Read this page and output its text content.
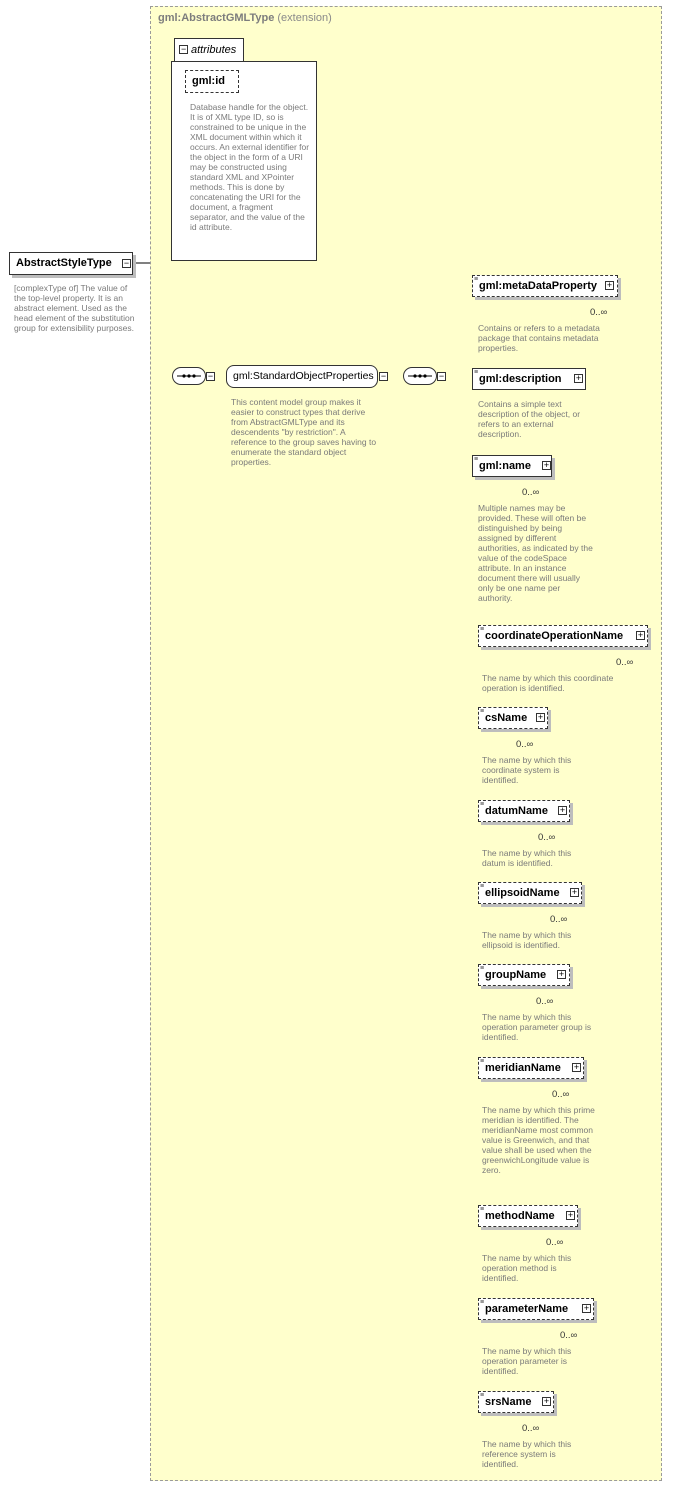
gml:AbstractGMLType (extension)
AbstractStyleType −
[complexType of] The value of the top-level property. It is an abstract element. Used as the head element of the substitution group for extensibility purposes.
− attributes
gml:id
Database handle for the object. It is of XML type ID, so is constrained to be unique in the XML document within which it occurs. An external identifier for the object in the form of a URI may be constructed using standard XML and XPointer methods. This is done by concatenating the URI for the document, a fragment separator, and the value of the id attribute.
−	gml:StandardObjectProperties −
This content model group makes it easier to construct types that derive from AbstractGMLType and its descendents "by restriction". A reference to the group saves having to enumerate the standard object properties.
−
≡
gml:metaDataProperty +
0..∞
Contains or refers to a metadata package that contains metadata properties.
≡
gml:description +
Contains a simple text description of the object, or refers to an external description.
≡
gml:name +
0..∞
Multiple names may be provided. These will often be distinguished by being assigned by different authorities, as indicated by the value of the codeSpace attribute. In an instance document there will usually only be one name per authority.
≡
coordinateOperationName +
0..∞
The name by which this coordinate operation is identified.
≡
csName +
0..∞
The name by which this coordinate system is identified.
≡
datumName +
0..∞
The name by which this datum is identified.
≡
ellipsoidName +
0..∞
The name by which this ellipsoid is identified.
≡
groupName +
0..∞
The name by which this operation parameter group is identified.
≡
meridianName +
0..∞
The name by which this prime meridian is identified. The meridianName most common value is Greenwich, and that value shall be used when the greenwichLongitude value is zero.
≡
methodName +
0..∞
The name by which this operation method is identified.
≡
parameterName +
0..∞
The name by which this operation parameter is identified.
≡
srsName +
0..∞
The name by which this reference system is identified.
